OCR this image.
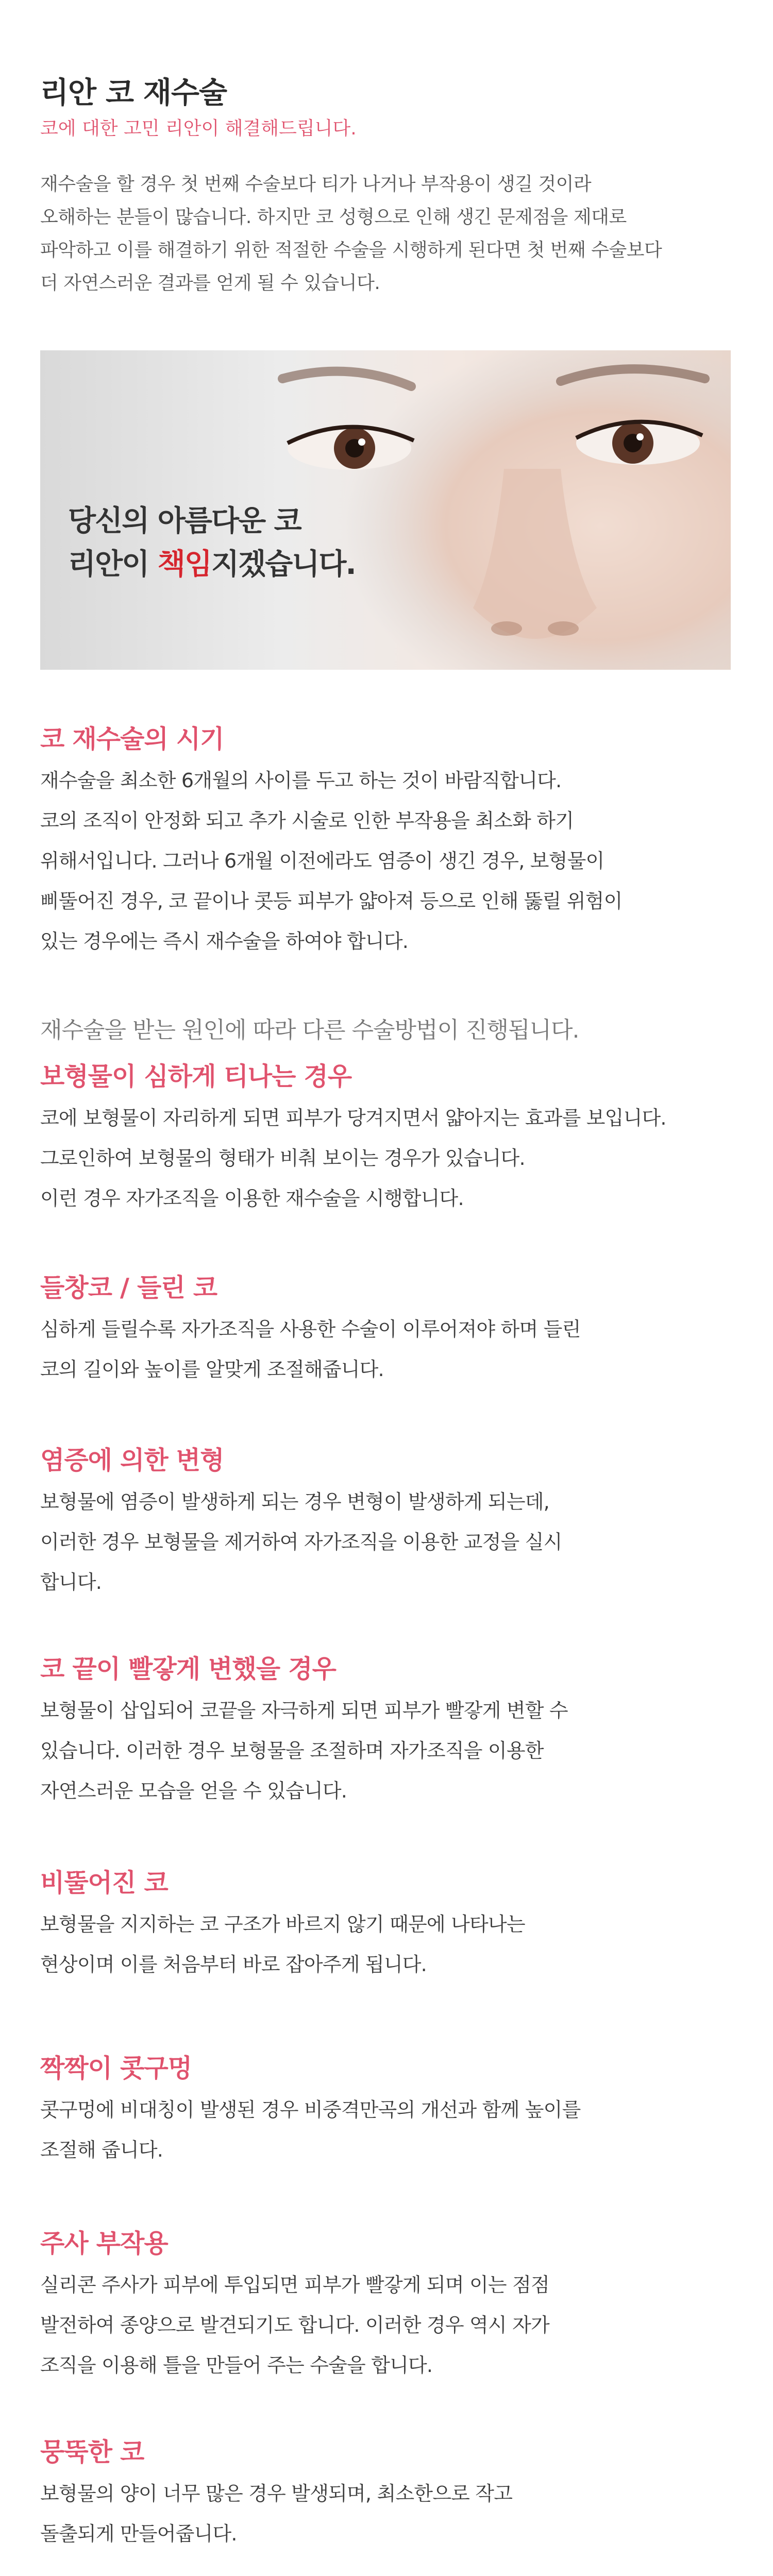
리안 코 재수술
코에 대한 고민 리안이 해결해드립니다.
재수술을 할 경우 첫 번째 수술보다 티가 나거나 부작용이 생길 것이라
오해하는 분들이 많습니다. 하지만 코 성형으로 인해 생긴 문제점을 제대로
파악하고 이를 해결하기 위한 적절한 수술을 시행하게 된다면 첫 번째 수술보다
더 자연스러운 결과를 얻게 될 수 있습니다.
당신의 아름다운 코
리안이 책임지겠습니다.
코 재수술의 시기
재수술을 최소한 6개월의 사이를 두고 하는 것이 바람직합니다.
코의 조직이 안정화 되고 추가 시술로 인한 부작용을 최소화 하기
위해서입니다. 그러나 6개월 이전에라도 염증이 생긴 경우, 보형물이
삐뚤어진 경우, 코 끝이나 콧등 피부가 얇아져 등으로 인해 뚫릴 위험이
있는 경우에는 즉시 재수술을 하여야 합니다.
재수술을 받는 원인에 따라 다른 수술방법이 진행됩니다.
보형물이 심하게 티나는 경우
코에 보형물이 자리하게 되면 피부가 당겨지면서 얇아지는 효과를 보입니다.
그로인하여 보형물의 형태가 비춰 보이는 경우가 있습니다.
이런 경우 자가조직을 이용한 재수술을 시행합니다.
들창코 / 들린 코
심하게 들릴수록 자가조직을 사용한 수술이 이루어져야 하며 들린
코의 길이와 높이를 알맞게 조절해줍니다.
염증에 의한 변형
보형물에 염증이 발생하게 되는 경우 변형이 발생하게 되는데,
이러한 경우 보형물을 제거하여 자가조직을 이용한 교정을 실시
합니다.
코 끝이 빨갛게 변했을 경우
보형물이 삽입되어 코끝을 자극하게 되면 피부가 빨갛게 변할 수
있습니다. 이러한 경우 보형물을 조절하며 자가조직을 이용한
자연스러운 모습을 얻을 수 있습니다.
비뚤어진 코
보형물을 지지하는 코 구조가 바르지 않기 때문에 나타나는
현상이며 이를 처음부터 바로 잡아주게 됩니다.
짝짝이 콧구멍
콧구멍에 비대칭이 발생된 경우 비중격만곡의 개선과 함께 높이를
조절해 줍니다.
주사 부작용
실리콘 주사가 피부에 투입되면 피부가 빨갛게 되며 이는 점점
발전하여 종양으로 발견되기도 합니다. 이러한 경우 역시 자가
조직을 이용해 틀을 만들어 주는 수술을 합니다.
뭉뚝한 코
보형물의 양이 너무 많은 경우 발생되며, 최소한으로 작고
돌출되게 만들어줍니다.
